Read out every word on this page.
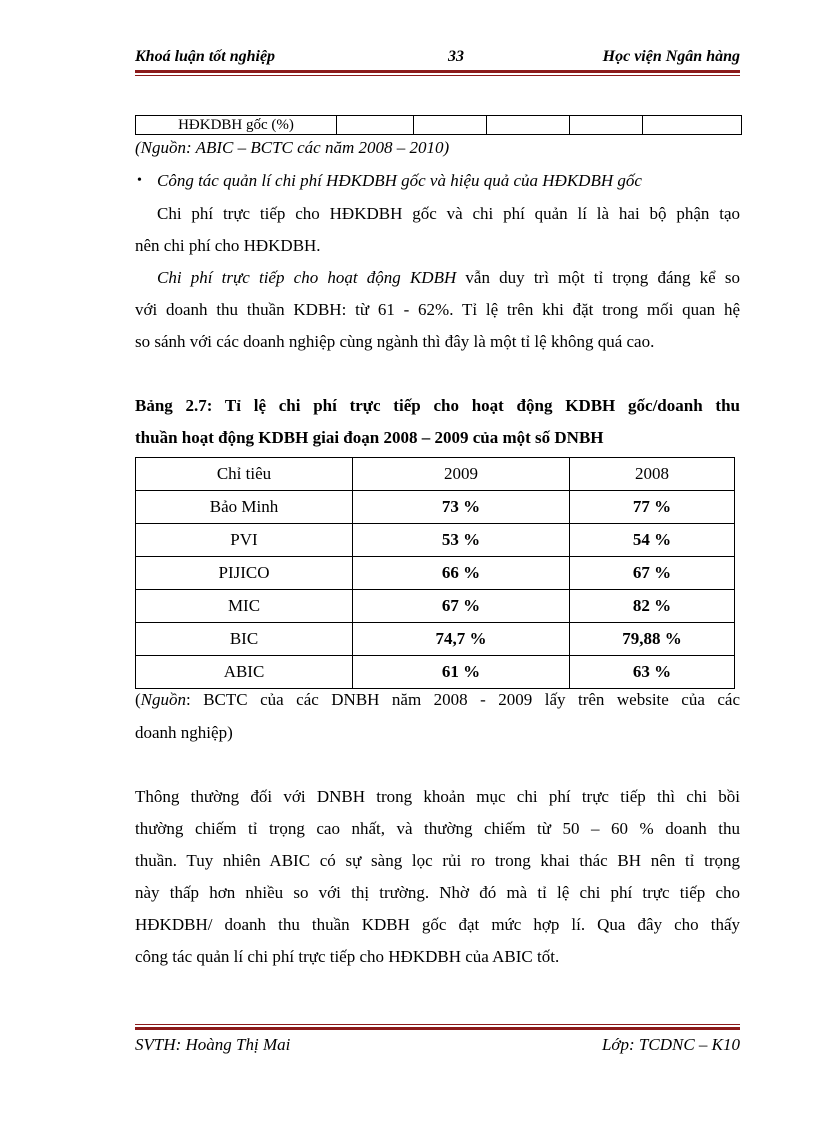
Khoá luận tốt nghiệp	33	Học viện Ngân hàng
HĐKDBH gốc (%)					
(Nguồn: ABIC – BCTC các năm 2008 – 2010)
• Công tác quản lí chi phí HĐKDBH gốc và hiệu quả của HĐKDBH gốc
Chi phí trực tiếp cho HĐKDBH gốc và chi phí quản lí là hai bộ phận tạo
nên chi phí cho HĐKDBH.
Chi phí trực tiếp cho hoạt động KDBH vẫn duy trì một tỉ trọng đáng kể so
với doanh thu thuần KDBH: từ 61 - 62%. Tỉ lệ trên khi đặt trong mối quan hệ
so sánh với các doanh nghiệp cùng ngành thì đây là một tỉ lệ không quá cao.
Bảng 2.7: Tỉ lệ chi phí trực tiếp cho hoạt động KDBH gốc/doanh thu
thuần hoạt động KDBH giai đoạn 2008 – 2009 của một số DNBH
Chỉ tiêu	2009	2008
Bảo Minh	73 %	77 %
PVI	53 %	54 %
PIJICO	66 %	67 %
MIC	67 %	82 %
BIC	74,7 %	79,88 %
ABIC	61 %	63 %
(Nguồn: BCTC của các DNBH năm 2008 - 2009 lấy trên website của các
doanh nghiệp)
Thông thường đối với DNBH trong khoản mục chi phí trực tiếp thì chi bồi
thường chiếm tỉ trọng cao nhất, và thường chiếm từ 50 – 60 % doanh thu
thuần. Tuy nhiên ABIC có sự sàng lọc rủi ro trong khai thác BH nên tỉ trọng
này thấp hơn nhiều so với thị trường. Nhờ đó mà tỉ lệ chi phí trực tiếp cho
HĐKDBH/ doanh thu thuần KDBH gốc đạt mức hợp lí. Qua đây cho thấy
công tác quản lí chi phí trực tiếp cho HĐKDBH của ABIC tốt.
SVTH: Hoàng Thị Mai	Lớp: TCDNC – K10
